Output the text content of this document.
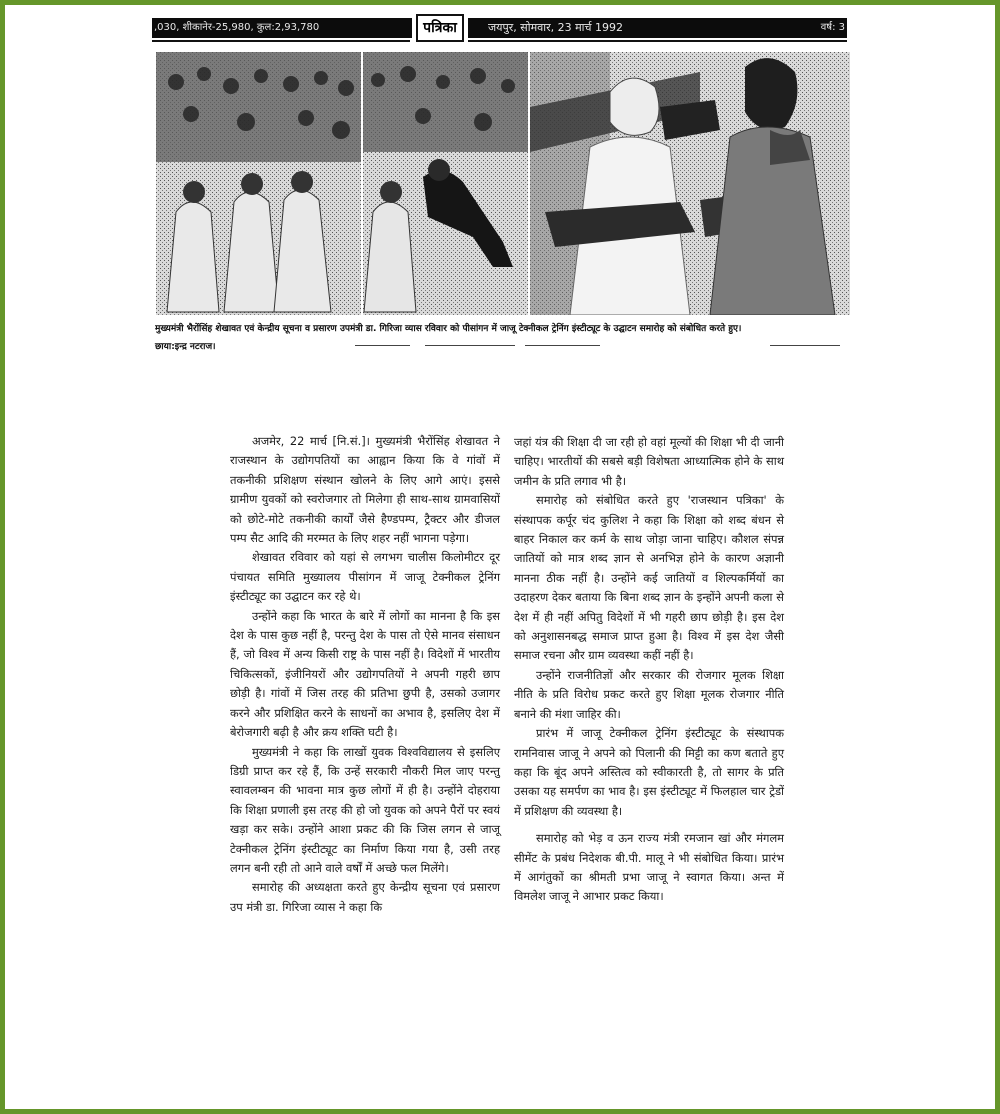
,030, शीकानेर-25,980, कुल:2,93,780	पत्रिका	जयपुर, सोमवार, 23 मार्च 1992	वर्ष: 3
मुख्यमंत्री भैरोंसिंह शेखावत एवं केन्द्रीय सूचना व प्रसारण उपमंत्री डा. गिरिजा व्यास रविवार को पीसांगन में जाजू टेक्नीकल ट्रेनिंग इंस्टीट्यूट के उद्घाटन समारोह को संबोधित करते हुए।
छाया:इन्द्र नटराज।

अजमेर, 22 मार्च [नि.सं.]। मुख्यमंत्री भैरोंसिंह शेखावत ने राजस्थान के उद्योगपतियों का आह्वान किया कि वे गांवों में तकनीकी प्रशिक्षण संस्थान खोलने के लिए आगे आएं। इससे ग्रामीण युवकों को स्वरोजगार तो मिलेगा ही साथ-साथ ग्रामवासियों को छोटे-मोटे तकनीकी कार्यों जैसे हैण्डपम्प, ट्रैक्टर और डीजल पम्प सैट आदि की मरम्मत के लिए शहर नहीं भागना पड़ेगा।

शेखावत रविवार को यहां से लगभग चालीस किलोमीटर दूर पंचायत समिति मुख्यालय पीसांगन में जाजू टेक्नीकल ट्रेनिंग इंस्टीट्यूट का उद्घाटन कर रहे थे।

उन्होंने कहा कि भारत के बारे में लोगों का मानना है कि इस देश के पास कुछ नहीं है, परन्तु देश के पास तो ऐसे मानव संसाधन हैं, जो विश्व में अन्य किसी राष्ट्र के पास नहीं है। विदेशों में भारतीय चिकित्सकों, इंजीनियरों और उद्योगपतियों ने अपनी गहरी छाप छोड़ी है। गांवों में जिस तरह की प्रतिभा छुपी है, उसको उजागर करने और प्रशिक्षित करने के साधनों का अभाव है, इसलिए देश में बेरोजगारी बढ़ी है और क्रय शक्ति घटी है।

मुख्यमंत्री ने कहा कि लाखों युवक विश्वविद्यालय से इसलिए डिग्री प्राप्त कर रहे हैं, कि उन्हें सरकारी नौकरी मिल जाए परन्तु स्वावलम्बन की भावना मात्र कुछ लोगों में ही है। उन्होंने दोहराया कि शिक्षा प्रणाली इस तरह की हो जो युवक को अपने पैरों पर स्वयं खड़ा कर सके। उन्होंने आशा प्रकट की कि जिस लगन से जाजू टेक्नीकल ट्रेनिंग इंस्टीट्यूट का निर्माण किया गया है, उसी तरह लगन बनी रही तो आने वाले वर्षों में अच्छे फल मिलेंगे।

समारोह की अध्यक्षता करते हुए केन्द्रीय सूचना एवं प्रसारण उप मंत्री डा. गिरिजा व्यास ने कहा कि

जहां यंत्र की शिक्षा दी जा रही हो वहां मूल्यों की शिक्षा भी दी जानी चाहिए। भारतीयों की सबसे बड़ी विशेषता आध्यात्मिक होने के साथ जमीन के प्रति लगाव भी है।

समारोह को संबोधित करते हुए 'राजस्थान पत्रिका' के संस्थापक कर्पूर चंद कुलिश ने कहा कि शिक्षा को शब्द बंधन से बाहर निकाल कर कर्म के साथ जोड़ा जाना चाहिए। कौशल संपन्न जातियों को मात्र शब्द ज्ञान से अनभिज्ञ होने के कारण अज्ञानी मानना ठीक नहीं है। उन्होंने कई जातियों व शिल्पकर्मियों का उदाहरण देकर बताया कि बिना शब्द ज्ञान के इन्होंने अपनी कला से देश में ही नहीं अपितु विदेशों में भी गहरी छाप छोड़ी है। इस देश को अनुशासनबद्ध समाज प्राप्त हुआ है। विश्व में इस देश जैसी समाज रचना और ग्राम व्यवस्था कहीं नहीं है।

उन्होंने राजनीतिज्ञों और सरकार की रोजगार मूलक शिक्षा नीति के प्रति विरोध प्रकट करते हुए शिक्षा मूलक रोजगार नीति बनाने की मंशा जाहिर की।

प्रारंभ में जाजू टेक्नीकल ट्रेनिंग इंस्टीट्यूट के संस्थापक रामनिवास जाजू ने अपने को पिलानी की मिट्टी का कण बताते हुए कहा कि बूंद अपने अस्तित्व को स्वीकारती है, तो सागर के प्रति उसका यह समर्पण का भाव है। इस इंस्टीट्यूट में फिलहाल चार ट्रेडों में प्रशिक्षण की व्यवस्था है।

समारोह को भेड़ व ऊन राज्य मंत्री रमजान खां और मंगलम सीमेंट के प्रबंध निदेशक बी.पी. मालू ने भी संबोधित किया। प्रारंभ में आगंतुकों का श्रीमती प्रभा जाजू ने स्वागत किया। अन्त में विमलेश जाजू ने आभार प्रकट किया।
